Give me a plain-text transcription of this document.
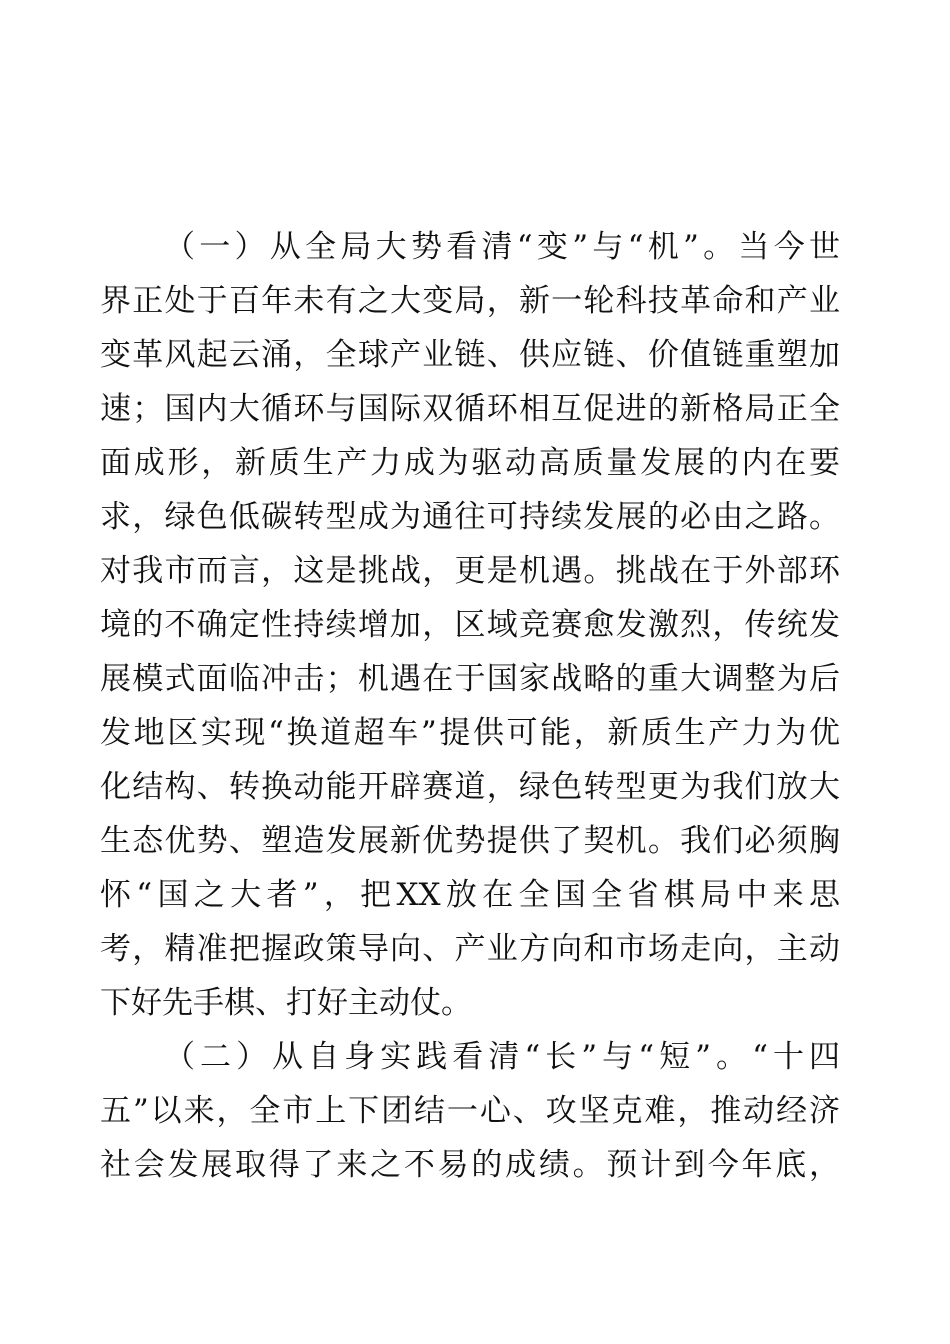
（一）从全局大势看清“变”与“机”。当今世
界正处于百年未有之大变局，新一轮科技革命和产业
变革风起云涌，全球产业链、供应链、价值链重塑加
速；国内大循环与国际双循环相互促进的新格局正全
面成形，新质生产力成为驱动高质量发展的内在要
求，绿色低碳转型成为通往可持续发展的必由之路。
对我市而言，这是挑战，更是机遇。挑战在于外部环
境的不确定性持续增加，区域竞赛愈发激烈，传统发
展模式面临冲击；机遇在于国家战略的重大调整为后
发地区实现“换道超车”提供可能，新质生产力为优
化结构、转换动能开辟赛道，绿色转型更为我们放大
生态优势、塑造发展新优势提供了契机。我们必须胸
怀“国之大者”，把XX放在全国全省棋局中来思
考，精准把握政策导向、产业方向和市场走向，主动
下好先手棋、打好主动仗。
（二）从自身实践看清“长”与“短”。“十四
五”以来，全市上下团结一心、攻坚克难，推动经济
社会发展取得了来之不易的成绩。预计到今年底，
